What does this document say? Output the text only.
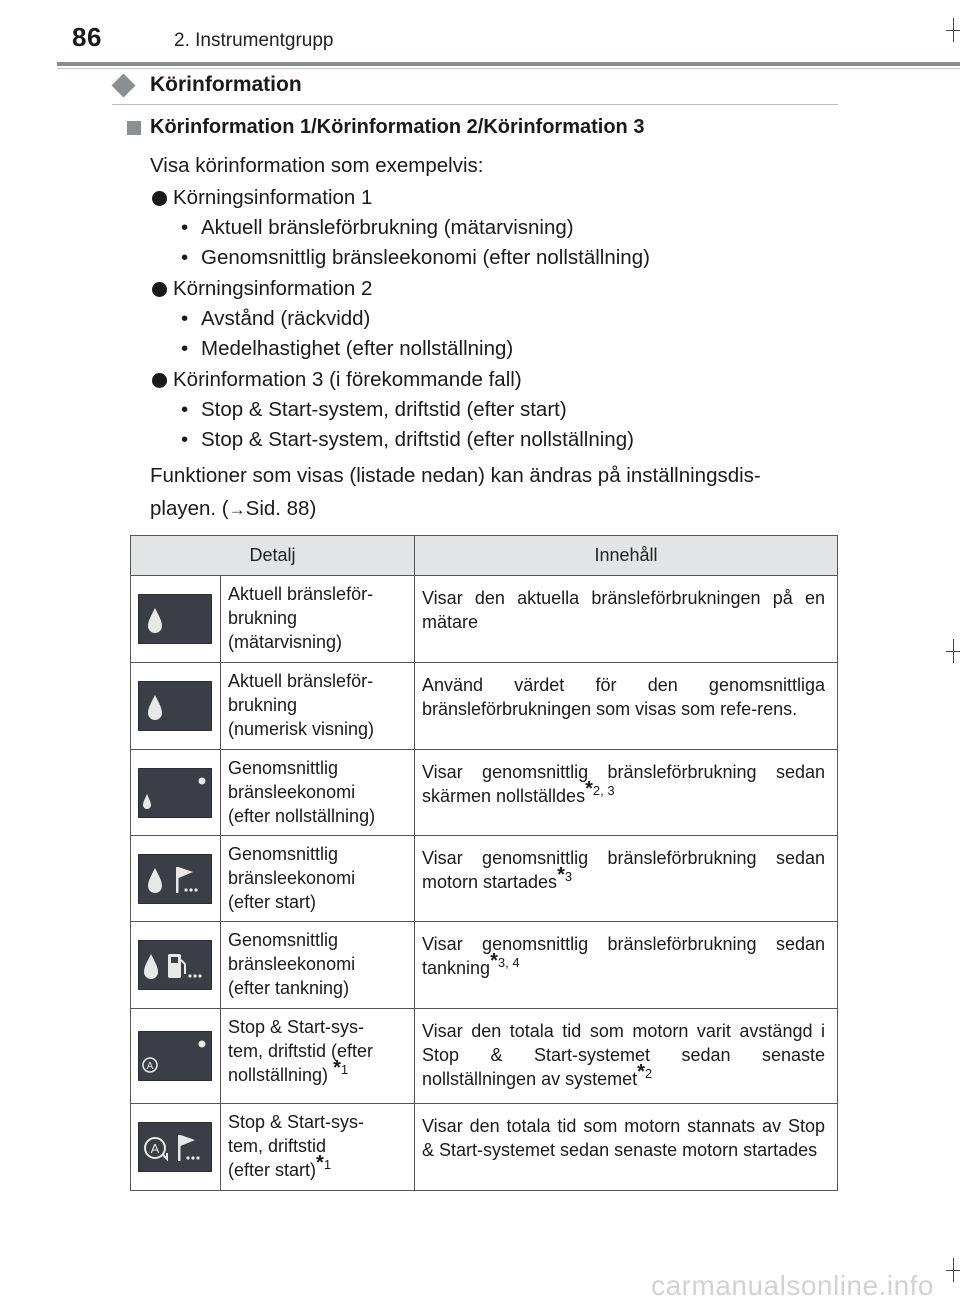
86	2. Instrumentgrupp
Körinformation
Körinformation 1/Körinformation 2/Körinformation 3
Visa körinformation som exempelvis:
Körningsinformation 1
• Aktuell bränsleförbrukning (mätarvisning)
• Genomsnittlig bränsleekonomi (efter nollställning)
Körningsinformation 2
• Avstånd (räckvidd)
• Medelhastighet (efter nollställning)
Körinformation 3 (i förekommande fall)
• Stop & Start-system, driftstid (efter start)
• Stop & Start-system, driftstid (efter nollställning)
Funktioner som visas (listade nedan) kan ändras på inställningsdis-
playen. (→Sid. 88)
Detalj		Innehåll

Aktuell bränsleför-
brukning
(mätarvisning)	Visar den aktuella bränsleförbrukningen på en mätare

Aktuell bränsleför-
brukning
(numerisk visning)	Använd värdet för den genomsnittliga bränsleförbrukningen som visas som refe-rens.

Genomsnittlig
bränsleekonomi
(efter nollställning)	Visar genomsnittlig bränsleförbrukning sedan skärmen nollställdes*$^{2, 3}$

Genomsnittlig
bränsleekonomi
(efter start)	Visar genomsnittlig bränsleförbrukning sedan motorn startades*$^3$

Genomsnittlig
bränsleekonomi
(efter tankning)	Visar genomsnittlig bränsleförbrukning sedan tankning*$^{3, 4}$

A	Stop & Start-sys-
tem, driftstid (efter
nollställning) *$^1$	Visar den totala tid som motorn varit avstängd i Stop & Start-systemet sedan senaste nollställningen av systemet*$^2$

A	Stop & Start-sys-
tem, driftstid
(efter start)*$^1$	Visar den totala tid som motorn stannats av Stop & Start-systemet sedan senaste motorn startades
carmanualsonline.info
